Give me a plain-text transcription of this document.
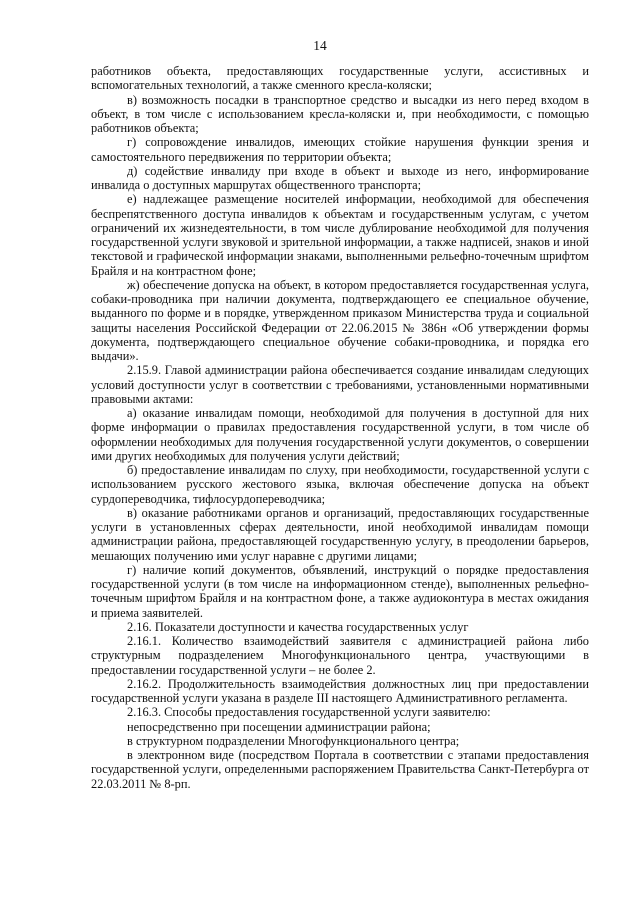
14

работников объекта, предоставляющих государственные услуги, ассистивных и вспомогательных технологий, а также сменного кресла-коляски;

в) возможность посадки в транспортное средство и высадки из него перед входом в объект, в том числе с использованием кресла-коляски и, при необходимости, с помощью работников объекта;

г) сопровождение инвалидов, имеющих стойкие нарушения функции зрения и самостоятельного передвижения по территории объекта;

д) содействие инвалиду при входе в объект и выходе из него, информирование инвалида о доступных маршрутах общественного транспорта;

е) надлежащее размещение носителей информации, необходимой для обеспечения беспрепятственного доступа инвалидов к объектам и государственным услугам, с учетом ограничений их жизнедеятельности, в том числе дублирование необходимой для получения государственной услуги звуковой и зрительной информации, а также надписей, знаков и иной текстовой и графической информации знаками, выполненными рельефно-точечным шрифтом Брайля и на контрастном фоне;

ж) обеспечение допуска на объект, в котором предоставляется государственная услуга, собаки-проводника при наличии документа, подтверждающего ее специальное обучение, выданного по форме и в порядке, утвержденном приказом Министерства труда и социальной защиты населения Российской Федерации от 22.06.2015 № 386н «Об утверждении формы документа, подтверждающего специальное обучение собаки-проводника, и порядка его выдачи».

2.15.9. Главой администрации района обеспечивается создание инвалидам следующих условий доступности услуг в соответствии с требованиями, установленными нормативными правовыми актами:

а) оказание инвалидам помощи, необходимой для получения в доступной для них форме информации о правилах предоставления государственной услуги, в том числе об оформлении необходимых для получения государственной услуги документов, о совершении ими других необходимых для получения услуги действий;

б) предоставление инвалидам по слуху, при необходимости, государственной услуги с использованием русского жестового языка, включая обеспечение допуска на объект сурдопереводчика, тифлосурдопереводчика;

в) оказание работниками органов и организаций, предоставляющих государственные услуги в установленных сферах деятельности, иной необходимой инвалидам помощи администрации района, предоставляющей государственную услугу, в преодолении барьеров, мешающих получению ими услуг наравне с другими лицами;

г) наличие копий документов, объявлений, инструкций о порядке предоставления государственной услуги (в том числе на информационном стенде), выполненных рельефно-точечным шрифтом Брайля и на контрастном фоне, а также аудиоконтура в местах ожидания и приема заявителей.

2.16. Показатели доступности и качества государственных услуг

2.16.1. Количество взаимодействий заявителя с администрацией района либо структурным подразделением Многофункционального центра, участвующими в предоставлении государственной услуги – не более 2.

2.16.2. Продолжительность взаимодействия должностных лиц при предоставлении государственной услуги указана в разделе III настоящего Административного регламента.

2.16.3. Способы предоставления государственной услуги заявителю:

непосредственно при посещении администрации района;

в структурном подразделении Многофункционального центра;

в электронном виде (посредством Портала в соответствии с этапами предоставления государственной услуги, определенными распоряжением Правительства Санкт-Петербурга от 22.03.2011 № 8-рп.
